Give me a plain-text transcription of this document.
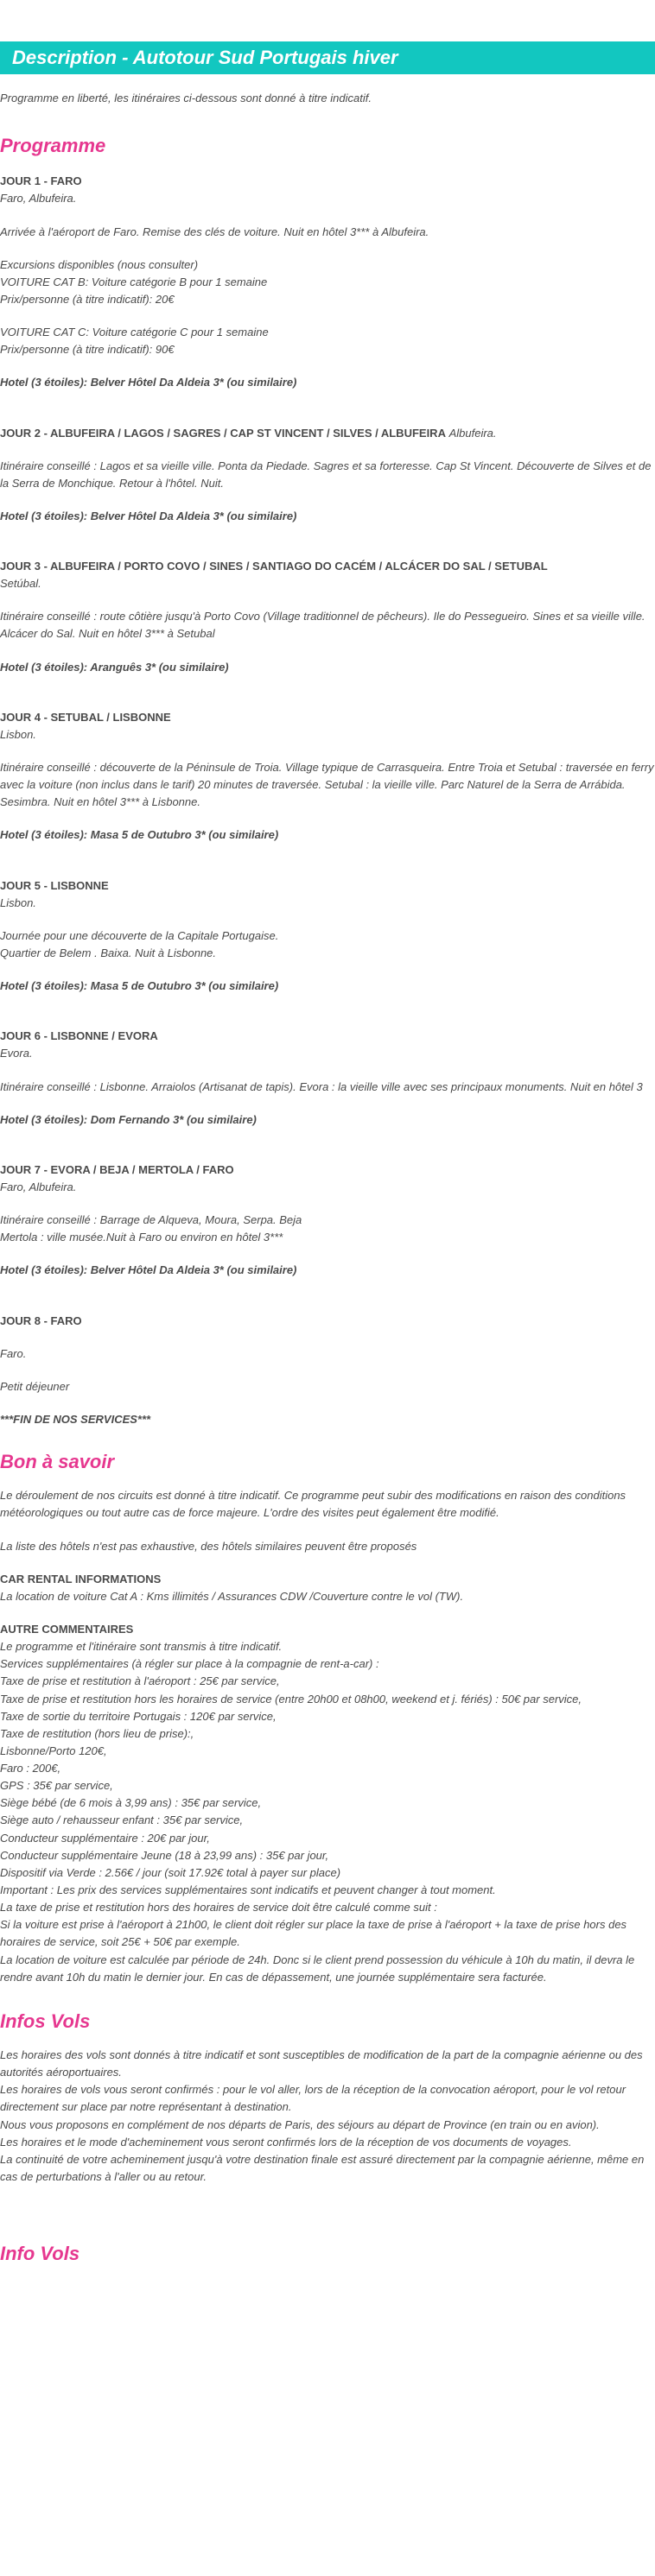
Description - Autotour Sud Portugais hiver

Programme en liberté, les itinéraires ci-dessous sont donné à titre indicatif.

Programme

JOUR 1 - FARO

Faro, Albufeira.

Arrivée à l'aéroport de Faro. Remise des clés de voiture. Nuit en hôtel 3*** à Albufeira.

Excursions disponibles (nous consulter)

VOITURE CAT B: Voiture catégorie B pour 1 semaine

Prix/personne (à titre indicatif): 20€

VOITURE CAT C: Voiture catégorie C pour 1 semaine

Prix/personne (à titre indicatif): 90€

Hotel (3 étoiles): Belver Hôtel Da Aldeia 3* (ou similaire)

JOUR 2 - ALBUFEIRA / LAGOS / SAGRES / CAP ST VINCENT / SILVES / ALBUFEIRA Albufeira.

Itinéraire conseillé : Lagos et sa vieille ville. Ponta da Piedade. Sagres et sa forteresse. Cap St Vincent. Découverte de Silves et de la Serra de Monchique. Retour à l'hôtel. Nuit.

Hotel (3 étoiles): Belver Hôtel Da Aldeia 3* (ou similaire)

JOUR 3 - ALBUFEIRA / PORTO COVO / SINES / SANTIAGO DO CACÉM / ALCÁCER DO SAL / SETUBAL

Setúbal.

Itinéraire conseillé : route côtière jusqu'à Porto Covo (Village traditionnel de pêcheurs). Ile do Pessegueiro. Sines et sa vieille ville. Alcácer do Sal. Nuit en hôtel 3*** à Setubal

Hotel (3 étoiles): Aranguês 3* (ou similaire)

JOUR 4 - SETUBAL / LISBONNE

Lisbon.

Itinéraire conseillé : découverte de la Péninsule de Troia. Village typique de Carrasqueira. Entre Troia et Setubal : traversée en ferry avec la voiture (non inclus dans le tarif) 20 minutes de traversée. Setubal : la vieille ville. Parc Naturel de la Serra de Arrábida. Sesimbra. Nuit en hôtel 3*** à Lisbonne.

Hotel (3 étoiles): Masa 5 de Outubro 3* (ou similaire)

JOUR 5 - LISBONNE

Lisbon.

Journée pour une découverte de la Capitale Portugaise.

Quartier de Belem . Baixa. Nuit à Lisbonne.

Hotel (3 étoiles): Masa 5 de Outubro 3* (ou similaire)

JOUR 6 - LISBONNE / EVORA

Evora.

Itinéraire conseillé : Lisbonne. Arraiolos (Artisanat de tapis). Evora : la vieille ville avec ses principaux monuments. Nuit en hôtel 3

Hotel (3 étoiles): Dom Fernando 3* (ou similaire)

JOUR 7 - EVORA / BEJA / MERTOLA / FARO

Faro, Albufeira.

Itinéraire conseillé : Barrage de Alqueva, Moura, Serpa. Beja

Mertola : ville musée.Nuit à Faro ou environ en hôtel 3***

Hotel (3 étoiles): Belver Hôtel Da Aldeia 3* (ou similaire)

JOUR 8 - FARO

Faro.

Petit déjeuner

***FIN DE NOS SERVICES***

Bon à savoir

Le déroulement de nos circuits est donné à titre indicatif. Ce programme peut subir des modifications en raison des conditions météorologiques ou tout autre cas de force majeure. L'ordre des visites peut également être modifié.

La liste des hôtels n'est pas exhaustive, des hôtels similaires peuvent être proposés

CAR RENTAL INFORMATIONS

La location de voiture Cat A : Kms illimités / Assurances CDW /Couverture contre le vol (TW).

AUTRE COMMENTAIRES

Le programme et l'itinéraire sont transmis à titre indicatif.

Services supplémentaires (à régler sur place à la compagnie de rent-a-car) :

Taxe de prise et restitution à l'aéroport : 25€ par service,

Taxe de prise et restitution hors les horaires de service (entre 20h00 et 08h00, weekend et j. fériés) : 50€ par service,

Taxe de sortie du territoire Portugais : 120€ par service,

Taxe de restitution (hors lieu de prise):,

Lisbonne/Porto 120€,

Faro : 200€,

GPS : 35€ par service,

Siège bébé (de 6 mois à 3,99 ans) : 35€ par service,

Siège auto / rehausseur enfant : 35€ par service,

Conducteur supplémentaire : 20€ par jour,

Conducteur supplémentaire Jeune (18 à 23,99 ans) : 35€ par jour,

Dispositif via Verde : 2.56€ / jour (soit 17.92€ total à payer sur place)

Important : Les prix des services supplémentaires sont indicatifs et peuvent changer à tout moment.

La taxe de prise et restitution hors des horaires de service doit être calculé comme suit :

Si la voiture est prise à l'aéroport à 21h00, le client doit régler sur place la taxe de prise à l'aéroport + la taxe de prise hors des horaires de service, soit 25€ + 50€ par exemple.

La location de voiture est calculée par période de 24h. Donc si le client prend possession du véhicule à 10h du matin, il devra le rendre avant 10h du matin le dernier jour. En cas de dépassement, une journée supplémentaire sera facturée.

Infos Vols

Les horaires des vols sont donnés à titre indicatif et sont susceptibles de modification de la part de la compagnie aérienne ou des autorités aéroportuaires.

Les horaires de vols vous seront confirmés : pour le vol aller, lors de la réception de la convocation aéroport, pour le vol retour directement sur place par notre représentant à destination.

Nous vous proposons en complément de nos départs de Paris, des séjours au départ de Province (en train ou en avion).

Les horaires et le mode d'acheminement vous seront confirmés lors de la réception de vos documents de voyages.

La continuité de votre acheminement jusqu'à votre destination finale est assuré directement par la compagnie aérienne, même en cas de perturbations à l'aller ou au retour.

Info Vols
